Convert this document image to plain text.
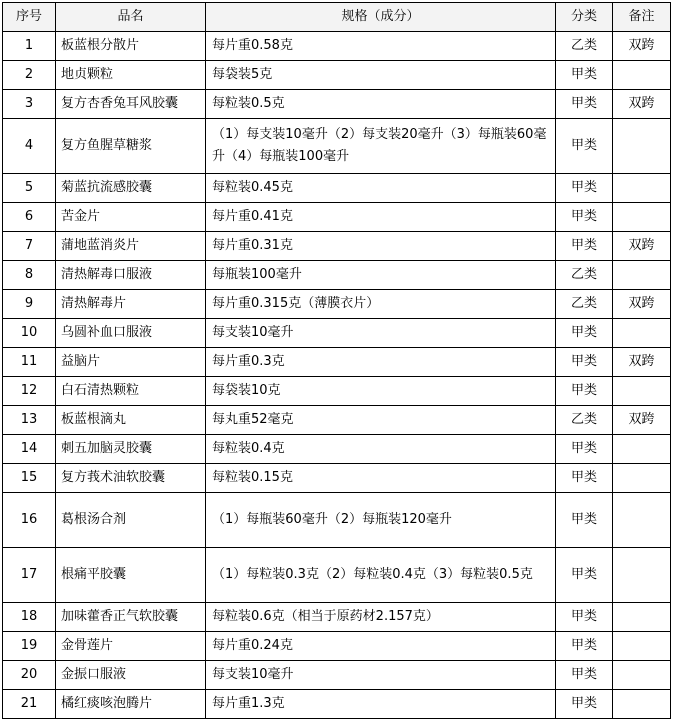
序号	品名	规格（成分）	分类	备注
1	板蓝根分散片	每片重0.58克	乙类	双跨
2	地贞颗粒	每袋装5克	甲类	
3	复方杏香兔耳风胶囊	每粒装0.5克	甲类	双跨
4	复方鱼腥草糖浆	（1）每支装10毫升（2）每支装20毫升（3）每瓶装60毫升（4）每瓶装100毫升	甲类	
5	菊蓝抗流感胶囊	每粒装0.45克	甲类	
6	苦金片	每片重0.41克	甲类	
7	蒲地蓝消炎片	每片重0.31克	甲类	双跨
8	清热解毒口服液	每瓶装100毫升	乙类	
9	清热解毒片	每片重0.315克（薄膜衣片）	乙类	双跨
10	乌圆补血口服液	每支装10毫升	甲类	
11	益脑片	每片重0.3克	甲类	双跨
12	白石清热颗粒	每袋装10克	甲类	
13	板蓝根滴丸	每丸重52毫克	乙类	双跨
14	刺五加脑灵胶囊	每粒装0.4克	甲类	
15	复方莪术油软胶囊	每粒装0.15克	甲类	
16	葛根汤合剂	（1）每瓶装60毫升（2）每瓶装120毫升	甲类	
17	根痛平胶囊	（1）每粒装0.3克（2）每粒装0.4克（3）每粒装0.5克	甲类	
18	加味藿香正气软胶囊	每粒装0.6克（相当于原药材2.157克）	甲类	
19	金骨莲片	每片重0.24克	甲类	
20	金振口服液	每支装10毫升	甲类	
21	橘红痰咳泡腾片	每片重1.3克	甲类	
